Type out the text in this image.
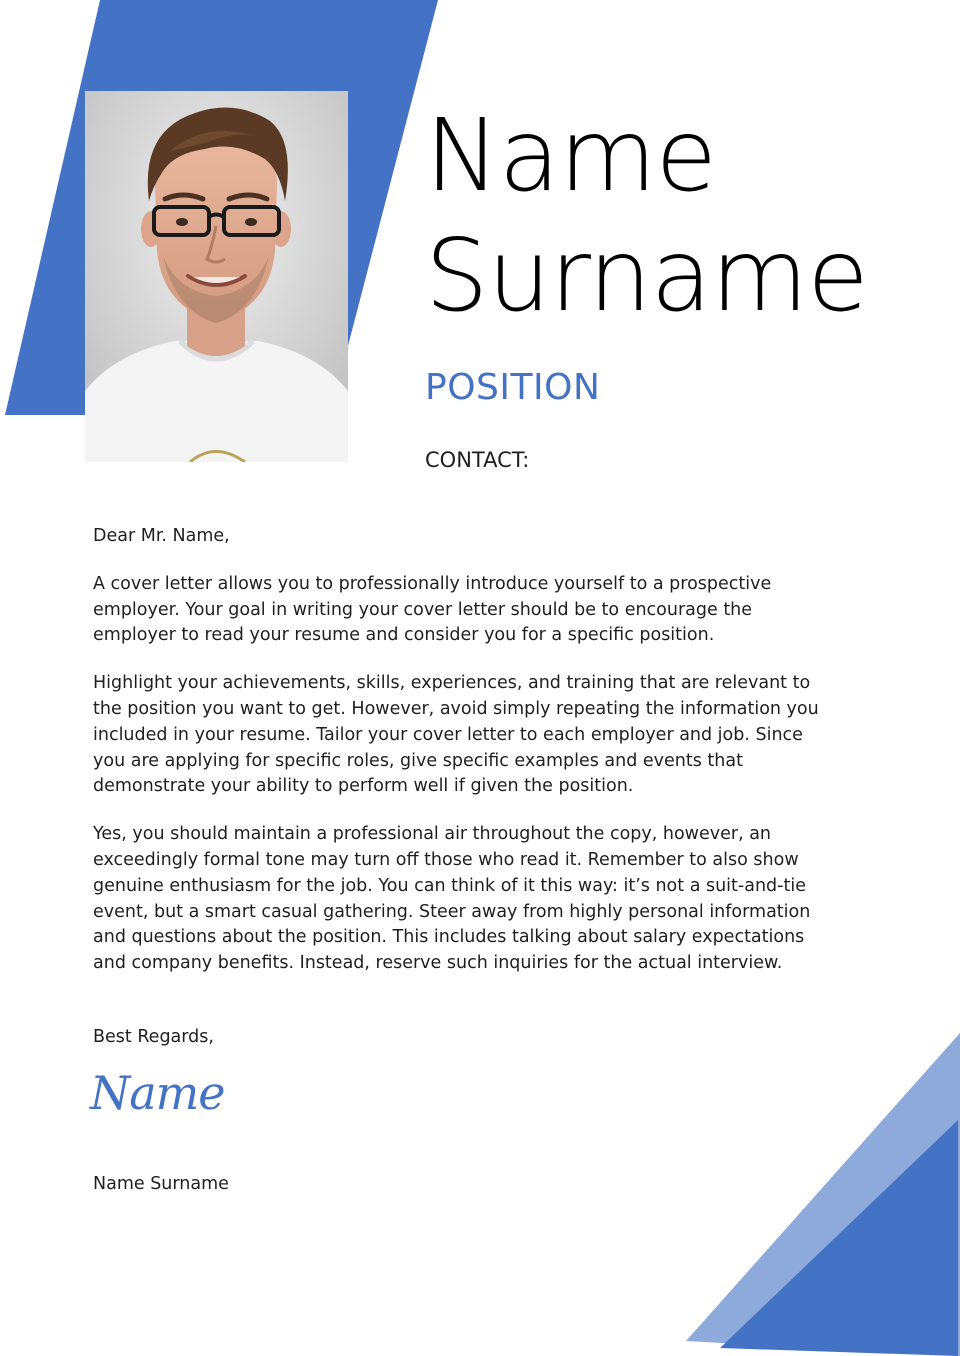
Name
Surname
POSITION
CONTACT:

Dear Mr. Name,

A cover letter allows you to professionally introduce yourself to a prospective employer. Your goal in writing your cover letter should be to encourage the employer to read your resume and consider you for a specific position.

Highlight your achievements, skills, experiences, and training that are relevant to the position you want to get. However, avoid simply repeating the information you included in your resume. Tailor your cover letter to each employer and job. Since you are applying for specific roles, give specific examples and events that demonstrate your ability to perform well if given the position.

Yes, you should maintain a professional air throughout the copy, however, an exceedingly formal tone may turn off those who read it. Remember to also show genuine enthusiasm for the job. You can think of it this way: it’s not a suit-and-tie event, but a smart casual gathering. Steer away from highly personal information and questions about the position. This includes talking about salary expectations and company benefits. Instead, reserve such inquiries for the actual interview.

Best Regards,
Name
Name Surname
